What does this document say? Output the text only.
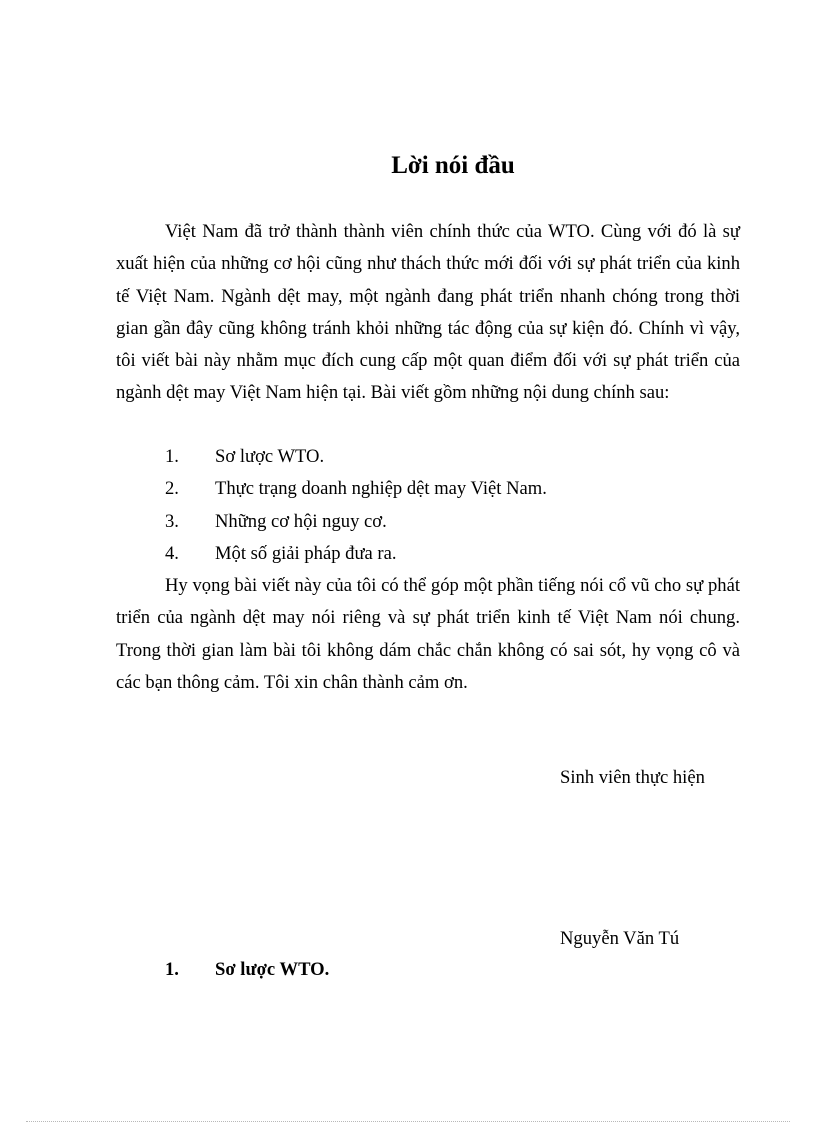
Lời nói đầu

Việt Nam đã trở thành thành viên chính thức của WTO. Cùng với đó là sự xuất hiện của những cơ hội cũng như thách thức mới đối với sự phát triển của kinh tế Việt Nam. Ngành dệt may, một ngành đang phát triển nhanh chóng trong thời gian gần đây cũng không tránh khỏi những tác động của sự kiện đó. Chính vì vậy, tôi viết bài này nhằm mục đích cung cấp một quan điểm đối với sự phát triển của ngành dệt may Việt Nam hiện tại. Bài viết gồm những nội dung chính sau:

1.	Sơ lược WTO.
2.	Thực trạng doanh nghiệp dệt may Việt Nam.
3.	Những cơ hội nguy cơ.
4.	Một số giải pháp đưa ra.

Hy vọng bài viết này của tôi có thể góp một phần tiếng nói cổ vũ cho sự phát triển của ngành dệt may nói riêng và sự phát triển kinh tế Việt Nam nói chung. Trong thời gian làm bài tôi không dám chắc chắn không có sai sót, hy vọng cô và các bạn thông cảm. Tôi xin chân thành cảm ơn.

Sinh viên thực hiện
Nguyễn Văn Tú
1.	Sơ lược WTO.
